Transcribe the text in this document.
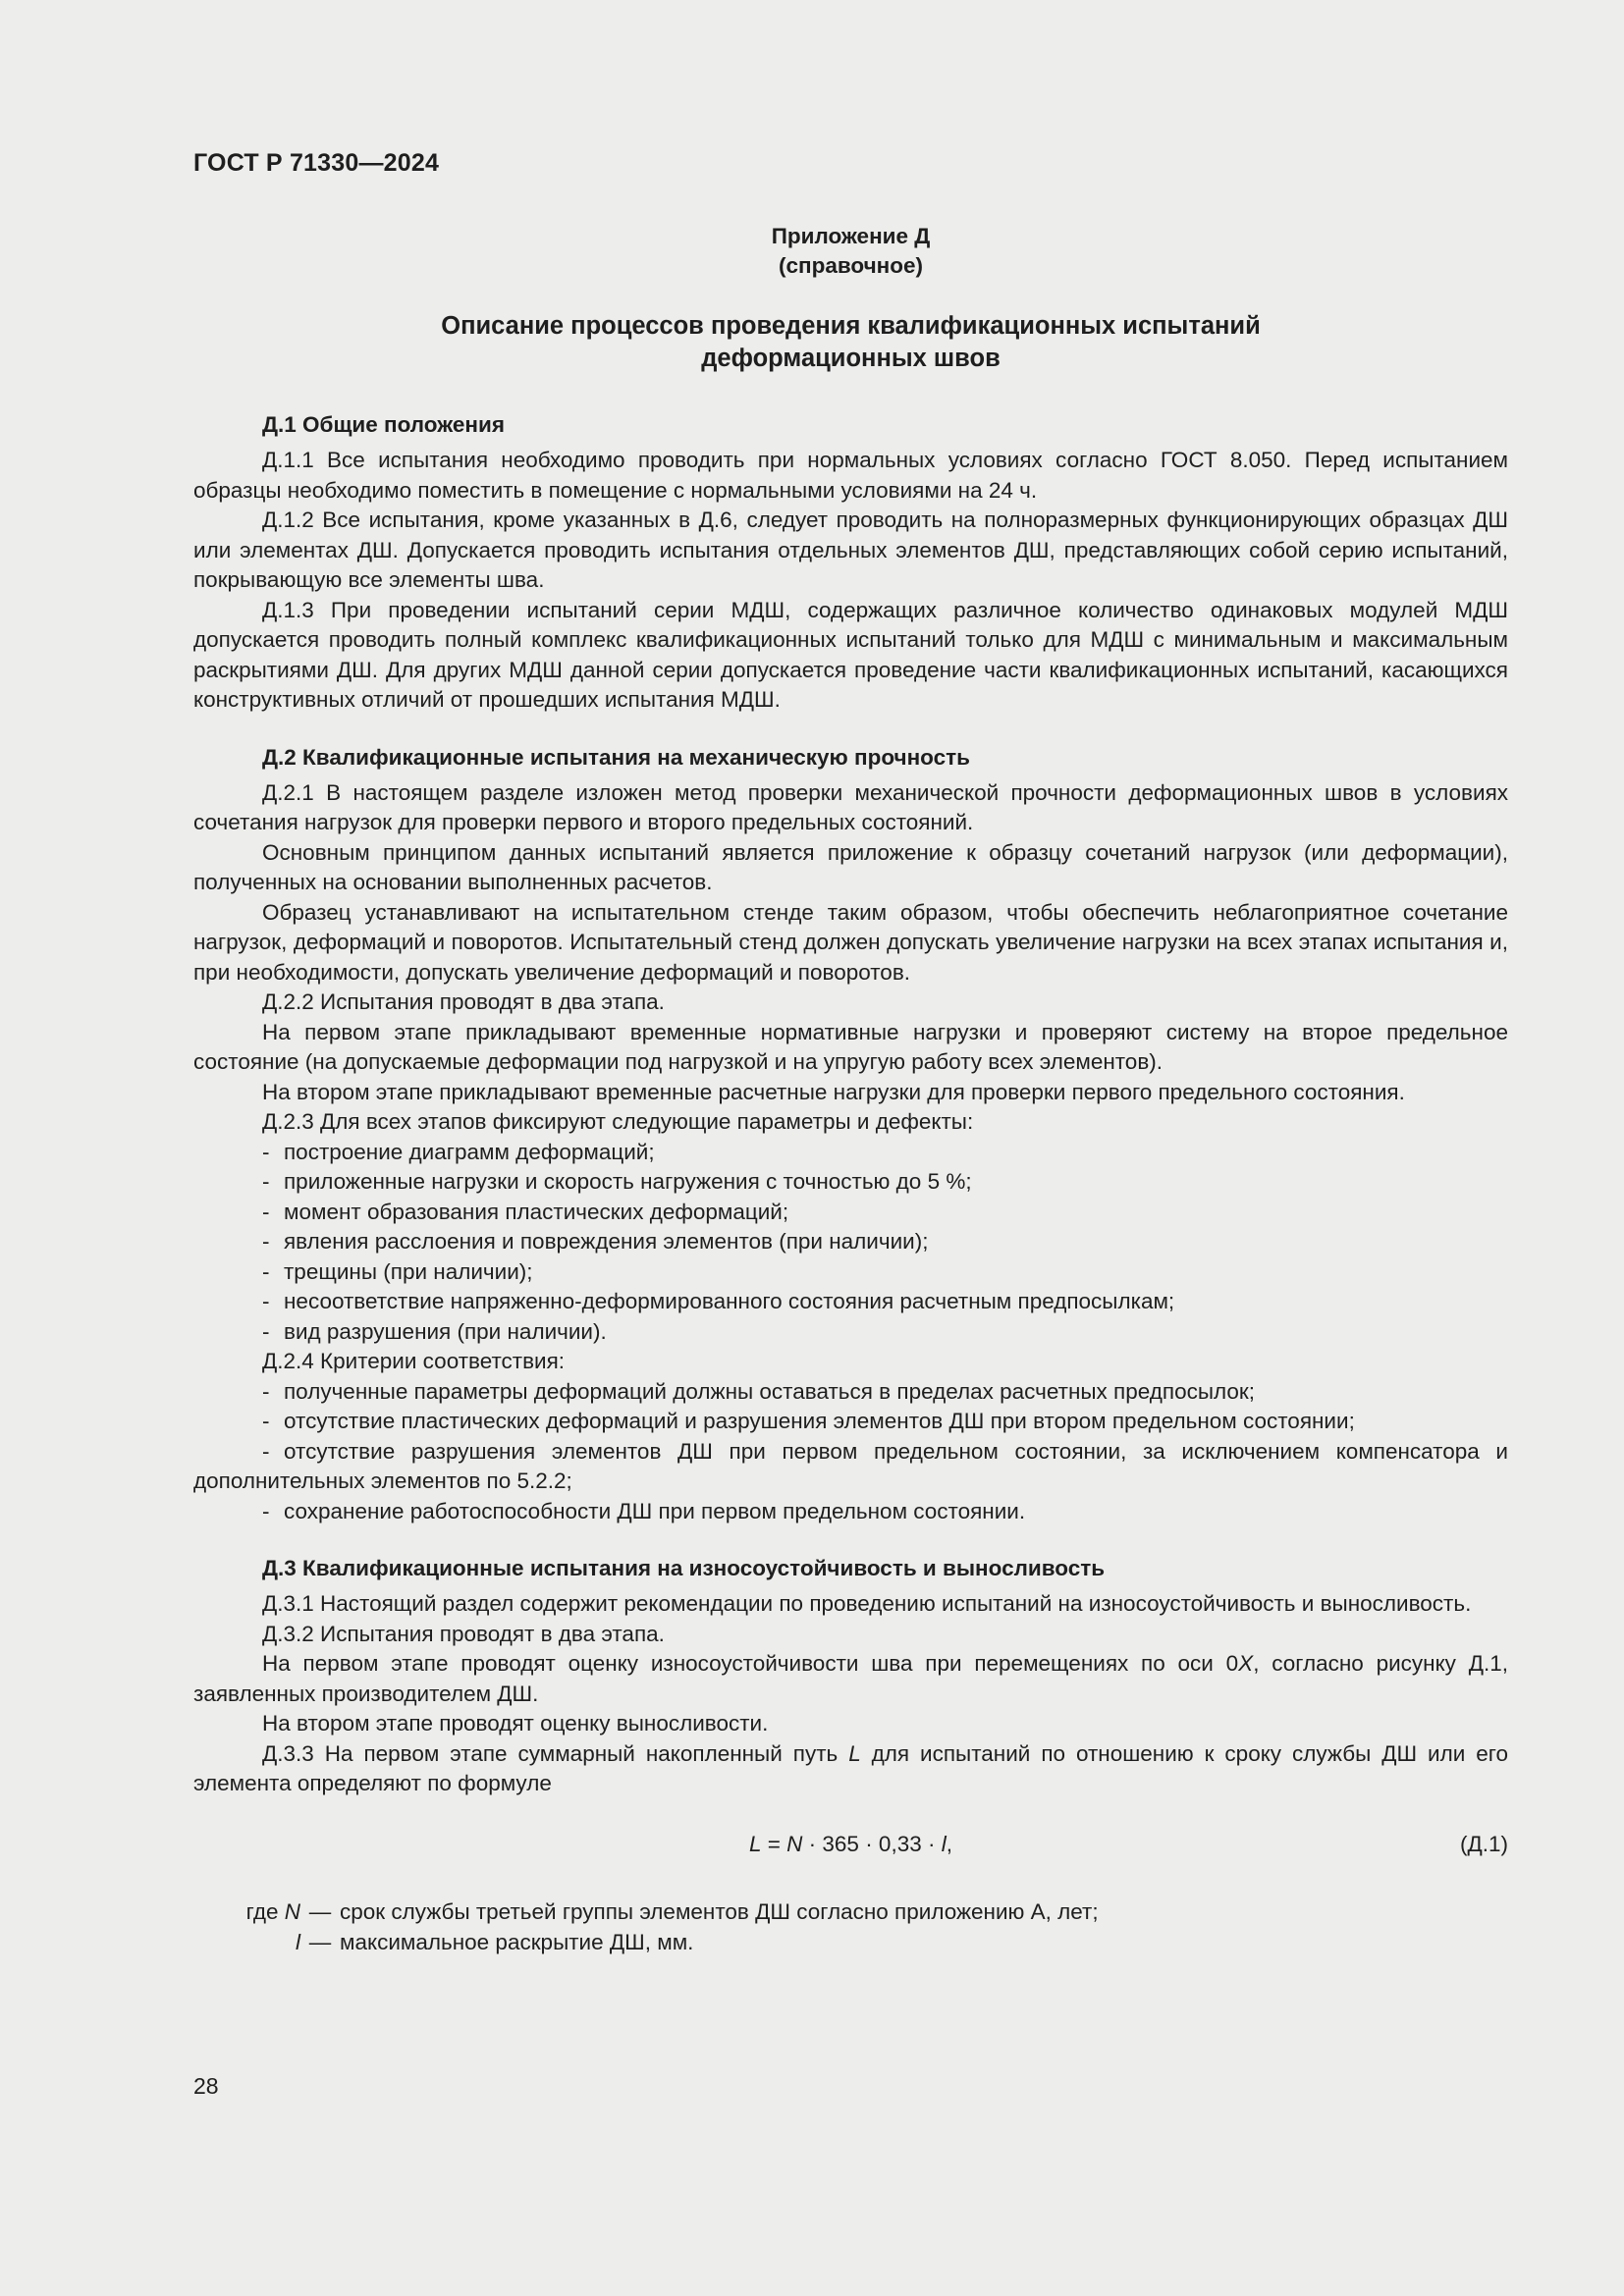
ГОСТ Р 71330—2024
Приложение Д
(справочное)
Описание процессов проведения квалификационных испытаний
деформационных швов
Д.1 Общие положения

Д.1.1 Все испытания необходимо проводить при нормальных условиях согласно ГОСТ 8.050. Перед испытанием образцы необходимо поместить в помещение с нормальными условиями на 24 ч.

Д.1.2 Все испытания, кроме указанных в Д.6, следует проводить на полноразмерных функционирующих образцах ДШ или элементах ДШ. Допускается проводить испытания отдельных элементов ДШ, представляющих собой серию испытаний, покрывающую все элементы шва.

Д.1.3 При проведении испытаний серии МДШ, содержащих различное количество одинаковых модулей МДШ допускается проводить полный комплекс квалификационных испытаний только для МДШ с минимальным и максимальным раскрытиями ДШ. Для других МДШ данной серии допускается проведение части квалификационных испытаний, касающихся конструктивных отличий от прошедших испытания МДШ.

Д.2 Квалификационные испытания на механическую прочность

Д.2.1 В настоящем разделе изложен метод проверки механической прочности деформационных швов в условиях сочетания нагрузок для проверки первого и второго предельных состояний.

Основным принципом данных испытаний является приложение к образцу сочетаний нагрузок (или деформации), полученных на основании выполненных расчетов.

Образец устанавливают на испытательном стенде таким образом, чтобы обеспечить неблагоприятное сочетание нагрузок, деформаций и поворотов. Испытательный стенд должен допускать увеличение нагрузки на всех этапах испытания и, при необходимости, допускать увеличение деформаций и поворотов.

Д.2.2 Испытания проводят в два этапа.

На первом этапе прикладывают временные нормативные нагрузки и проверяют систему на второе предельное состояние (на допускаемые деформации под нагрузкой и на упругую работу всех элементов).

На втором этапе прикладывают временные расчетные нагрузки для проверки первого предельного состояния.

Д.2.3 Для всех этапов фиксируют следующие параметры и дефекты:

- построение диаграмм деформаций;

- приложенные нагрузки и скорость нагружения с точностью до 5 %;

- момент образования пластических деформаций;

- явления расслоения и повреждения элементов (при наличии);

- трещины (при наличии);

- несоответствие напряженно-деформированного состояния расчетным предпосылкам;

- вид разрушения (при наличии).

Д.2.4 Критерии соответствия:

- полученные параметры деформаций должны оставаться в пределах расчетных предпосылок;

- отсутствие пластических деформаций и разрушения элементов ДШ при втором предельном состоянии;

- отсутствие разрушения элементов ДШ при первом предельном состоянии, за исключением компенсатора и дополнительных элементов по 5.2.2;

- сохранение работоспособности ДШ при первом предельном состоянии.

Д.3 Квалификационные испытания на износоустойчивость и выносливость

Д.3.1 Настоящий раздел содержит рекомендации по проведению испытаний на износоустойчивость и выносливость.

Д.3.2 Испытания проводят в два этапа.

На первом этапе проводят оценку износоустойчивости шва при перемещениях по оси 0X, согласно рисунку Д.1, заявленных производителем ДШ.

На втором этапе проводят оценку выносливости.

Д.3.3 На первом этапе суммарный накопленный путь L для испытаний по отношению к сроку службы ДШ или его элемента определяют по формуле

L = N · 365 · 0,33 · l,	(Д.1)
где N — срок службы третьей группы элементов ДШ согласно приложению А, лет;
l — максимальное раскрытие ДШ, мм.
28
